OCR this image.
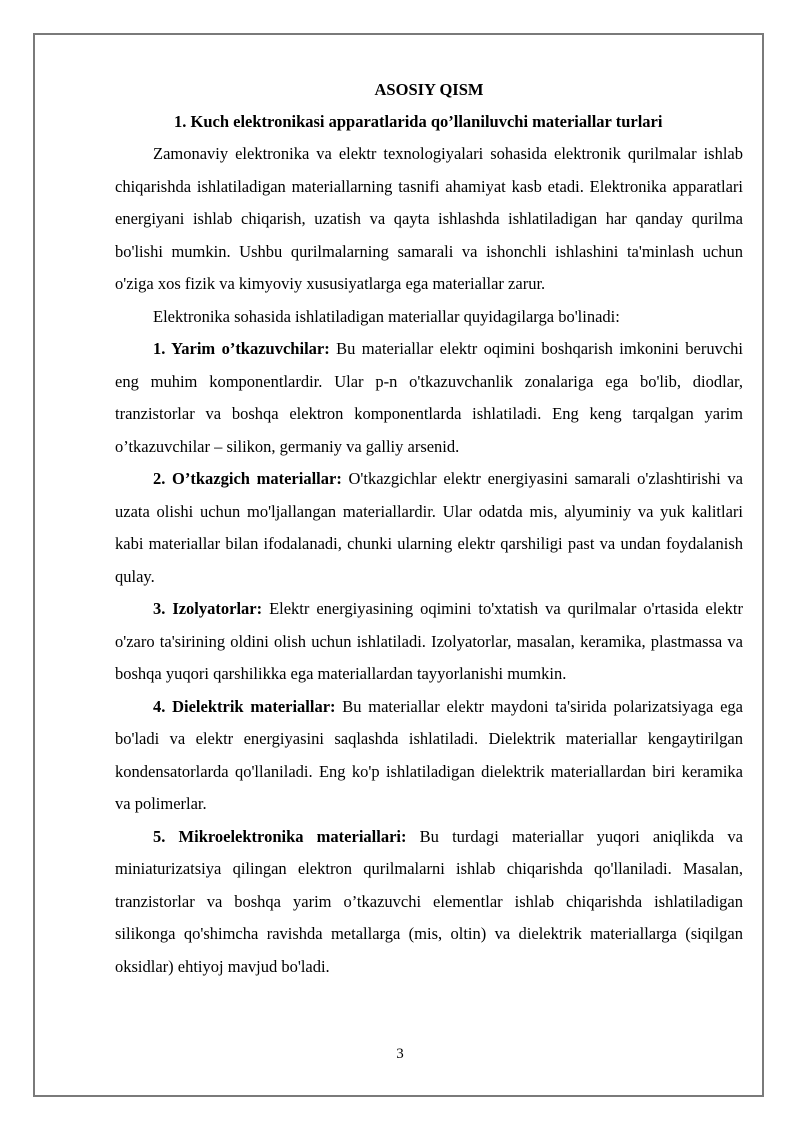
ASOSIY QISM
1. Kuch elektronikasi apparatlarida qo’llaniluvchi materiallar turlari

Zamonaviy elektronika va elektr texnologiyalari sohasida elektronik qurilmalar ishlab chiqarishda ishlatiladigan materiallarning tasnifi ahamiyat kasb etadi. Elektronika apparatlari energiyani ishlab chiqarish, uzatish va qayta ishlashda ishlatiladigan har qanday qurilma bo'lishi mumkin. Ushbu qurilmalarning samarali va ishonchli ishlashini ta'minlash uchun o'ziga xos fizik va kimyoviy xususiyatlarga ega materiallar zarur.

Elektronika sohasida ishlatiladigan materiallar quyidagilarga bo'linadi:

1. Yarim o’tkazuvchilar: Bu materiallar elektr oqimini boshqarish imkonini beruvchi eng muhim komponentlardir. Ular p-n o'tkazuvchanlik zonalariga ega bo'lib, diodlar, tranzistorlar va boshqa elektron komponentlarda ishlatiladi. Eng keng tarqalgan yarim o’tkazuvchilar – silikon, germaniy va galliy arsenid.

2. O’tkazgich materiallar: O'tkazgichlar elektr energiyasini samarali o'zlashtirishi va uzata olishi uchun mo'ljallangan materiallardir. Ular odatda mis, alyuminiy va yuk kalitlari kabi materiallar bilan ifodalanadi, chunki ularning elektr qarshiligi past va undan foydalanish qulay.

3. Izolyatorlar: Elektr energiyasining oqimini to'xtatish va qurilmalar o'rtasida elektr o'zaro ta'sirining oldini olish uchun ishlatiladi. Izolyatorlar, masalan, keramika, plastmassa va boshqa yuqori qarshilikka ega materiallardan tayyorlanishi mumkin.

4. Dielektrik materiallar: Bu materiallar elektr maydoni ta'sirida polarizatsiyaga ega bo'ladi va elektr energiyasini saqlashda ishlatiladi. Dielektrik materiallar kengaytirilgan kondensatorlarda qo'llaniladi. Eng ko'p ishlatiladigan dielektrik materiallardan biri keramika va polimerlar.

5. Mikroelektronika materiallari: Bu turdagi materiallar yuqori aniqlikda va miniaturizatsiya qilingan elektron qurilmalarni ishlab chiqarishda qo'llaniladi. Masalan, tranzistorlar va boshqa yarim o’tkazuvchi elementlar ishlab chiqarishda ishlatiladigan silikonga qo'shimcha ravishda metallarga (mis, oltin) va dielektrik materiallarga (siqilgan oksidlar) ehtiyoj mavjud bo'ladi.

3
